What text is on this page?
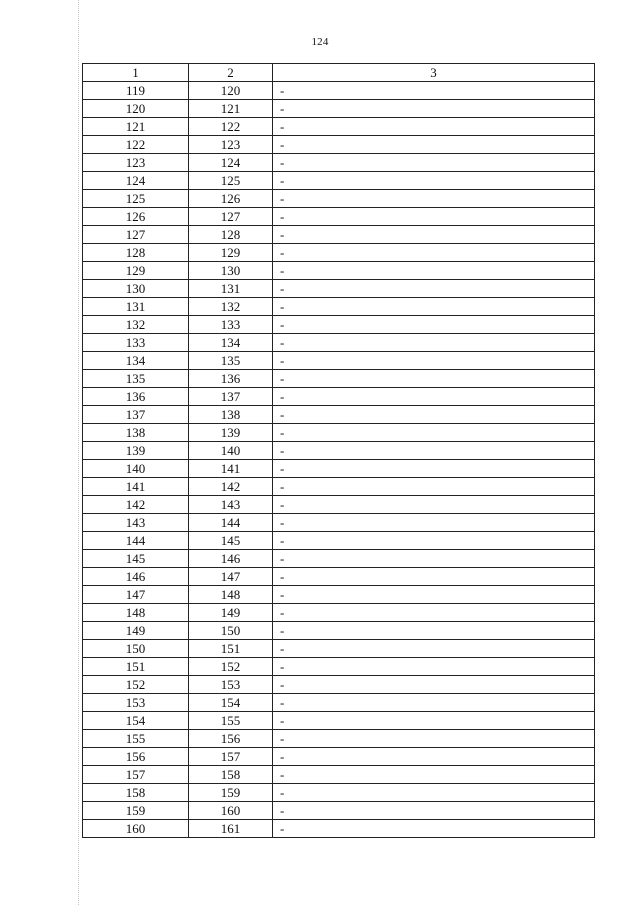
124
1	2	3
119	120	-
120	121	-
121	122	-
122	123	-
123	124	-
124	125	-
125	126	-
126	127	-
127	128	-
128	129	-
129	130	-
130	131	-
131	132	-
132	133	-
133	134	-
134	135	-
135	136	-
136	137	-
137	138	-
138	139	-
139	140	-
140	141	-
141	142	-
142	143	-
143	144	-
144	145	-
145	146	-
146	147	-
147	148	-
148	149	-
149	150	-
150	151	-
151	152	-
152	153	-
153	154	-
154	155	-
155	156	-
156	157	-
157	158	-
158	159	-
159	160	-
160	161	-
